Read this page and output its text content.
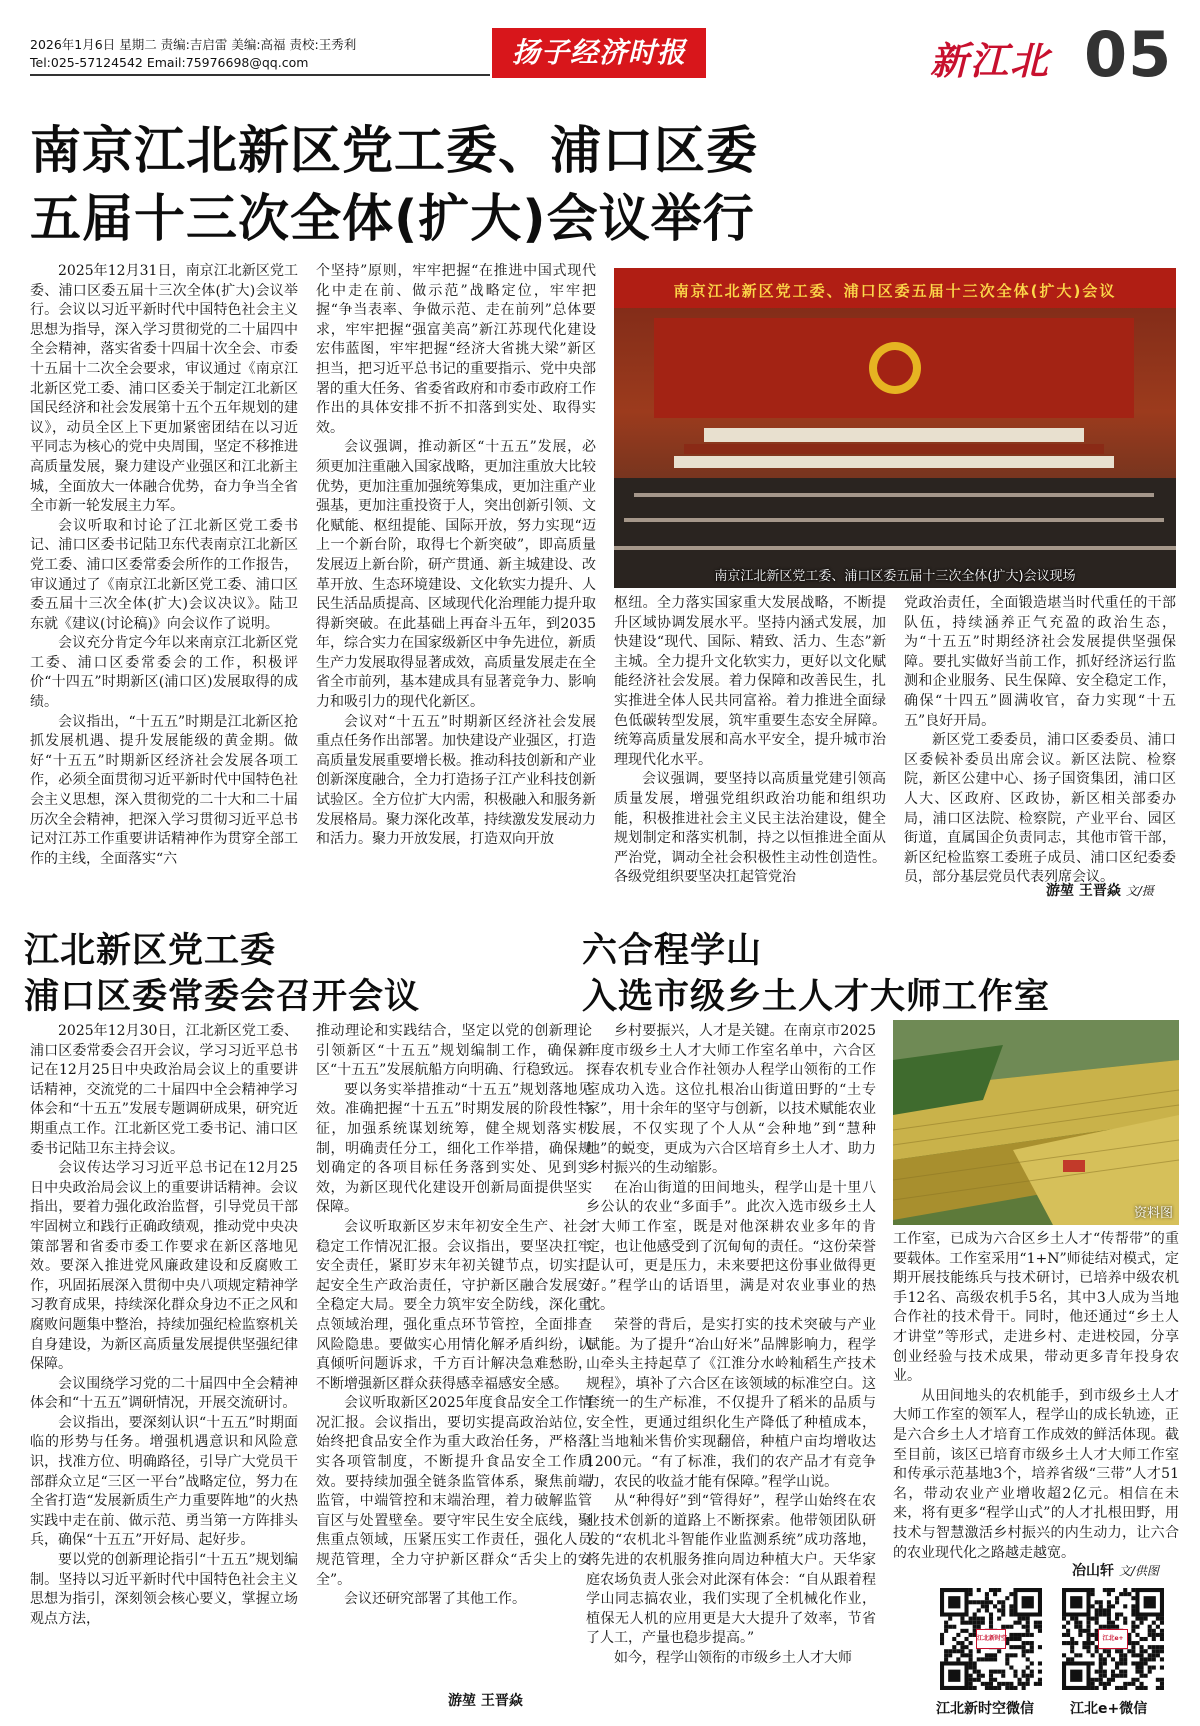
2026年1月6日 星期二 责编:吉启雷 美编:高福 责校:王秀利
Tel:025-57124542 Email:75976698@qq.com	扬子经济时报	新江北 05
南京江北新区党工委、浦口区委
五届十三次全体(扩大)会议举行

2025年12月31日，南京江北新区党工委、浦口区委五届十三次全体(扩大)会议举行。会议以习近平新时代中国特色社会主义思想为指导，深入学习贯彻党的二十届四中全会精神，落实省委十四届十次全会、市委十五届十二次全会要求，审议通过《南京江北新区党工委、浦口区委关于制定江北新区国民经济和社会发展第十五个五年规划的建议》，动员全区上下更加紧密团结在以习近平同志为核心的党中央周围，坚定不移推进高质量发展，聚力建设产业强区和江北新主城，全面放大一体融合优势，奋力争当全省全市新一轮发展主力军。

会议听取和讨论了江北新区党工委书记、浦口区委书记陆卫东代表南京江北新区党工委、浦口区委常委会所作的工作报告，审议通过了《南京江北新区党工委、浦口区委五届十三次全体(扩大)会议决议》。陆卫东就《建议(讨论稿)》向会议作了说明。

会议充分肯定今年以来南京江北新区党工委、浦口区委常委会的工作，积极评价“十四五”时期新区(浦口区)发展取得的成绩。

会议指出，“十五五”时期是江北新区抢抓发展机遇、提升发展能级的黄金期。做好“十五五”时期新区经济社会发展各项工作，必须全面贯彻习近平新时代中国特色社会主义思想，深入贯彻党的二十大和二十届历次全会精神，把深入学习贯彻习近平总书记对江苏工作重要讲话精神作为贯穿全部工作的主线，全面落实“六

个坚持”原则，牢牢把握“在推进中国式现代化中走在前、做示范”战略定位，牢牢把握“争当表率、争做示范、走在前列”总体要求，牢牢把握“强富美高”新江苏现代化建设宏伟蓝图，牢牢把握“经济大省挑大梁”新区担当，把习近平总书记的重要指示、党中央部署的重大任务、省委省政府和市委市政府工作作出的具体安排不折不扣落到实处、取得实效。

会议强调，推动新区“十五五”发展，必须更加注重融入国家战略，更加注重放大比较优势，更加注重加强统筹集成，更加注重产业强基，更加注重投资于人，突出创新引领、文化赋能、枢纽提能、国际开放，努力实现“迈上一个新台阶，取得七个新突破”，即高质量发展迈上新台阶，研产贯通、新主城建设、改革开放、生态环境建设、文化软实力提升、人民生活品质提高、区域现代化治理能力提升取得新突破。在此基础上再奋斗五年，到2035年，综合实力在国家级新区中争先进位，新质生产力发展取得显著成效，高质量发展走在全省全市前列，基本建成具有显著竞争力、影响力和吸引力的现代化新区。

会议对“十五五”时期新区经济社会发展重点任务作出部署。加快建设产业强区，打造高质量发展重要增长极。推动科技创新和产业创新深度融合，全力打造扬子江产业科技创新试验区。全方位扩大内需，积极融入和服务新发展格局。聚力深化改革，持续激发发展动力和活力。聚力开放发展，打造双向开放

南京江北新区党工委、浦口区委五届十三次全体(扩大)会议
南京江北新区党工委、浦口区委五届十三次全体(扩大)会议现场

枢纽。全力落实国家重大发展战略，不断提升区域协调发展水平。坚持内涵式发展，加快建设“现代、国际、精致、活力、生态”新主城。全力提升文化软实力，更好以文化赋能经济社会发展。着力保障和改善民生，扎实推进全体人民共同富裕。着力推进全面绿色低碳转型发展，筑牢重要生态安全屏障。统筹高质量发展和高水平安全，提升城市治理现代化水平。

会议强调，要坚持以高质量党建引领高质量发展，增强党组织政治功能和组织功能，积极推进社会主义民主法治建设，健全规划制定和落实机制，持之以恒推进全面从严治党，调动全社会积极性主动性创造性。各级党组织要坚决扛起管党治

党政治责任，全面锻造堪当时代重任的干部队伍，持续涵养正气充盈的政治生态，为“十五五”时期经济社会发展提供坚强保障。要扎实做好当前工作，抓好经济运行监测和企业服务、民生保障、安全稳定工作，确保“十四五”圆满收官，奋力实现“十五五”良好开局。

新区党工委委员，浦口区委委员、浦口区委候补委员出席会议。新区法院、检察院，新区公建中心、扬子国资集团，浦口区人大、区政府、区政协，新区相关部委办局，浦口区法院、检察院，产业平台、园区街道，直属国企负责同志，其他市管干部，新区纪检监察工委班子成员、浦口区纪委委员，部分基层党员代表列席会议。

游堃 王晋焱 文/摄
江北新区党工委
浦口区委常委会召开会议

2025年12月30日，江北新区党工委、浦口区委常委会召开会议，学习习近平总书记在12月25日中央政治局会议上的重要讲话精神，交流党的二十届四中全会精神学习体会和“十五五”发展专题调研成果，研究近期重点工作。江北新区党工委书记、浦口区委书记陆卫东主持会议。

会议传达学习习近平总书记在12月25日中央政治局会议上的重要讲话精神。会议指出，要着力强化政治监督，引导党员干部牢固树立和践行正确政绩观，推动党中央决策部署和省委市委工作要求在新区落地见效。要深入推进党风廉政建设和反腐败工作，巩固拓展深入贯彻中央八项规定精神学习教育成果，持续深化群众身边不正之风和腐败问题集中整治，持续加强纪检监察机关自身建设，为新区高质量发展提供坚强纪律保障。

会议围绕学习党的二十届四中全会精神体会和“十五五”调研情况，开展交流研讨。

会议指出，要深刻认识“十五五”时期面临的形势与任务。增强机遇意识和风险意识，找准方位、明确路径，引导广大党员干部群众立足“三区一平台”战略定位，努力在全省打造“发展新质生产力重要阵地”的火热实践中走在前、做示范、勇当第一方阵排头兵，确保“十五五”开好局、起好步。

要以党的创新理论指引“十五五”规划编制。坚持以习近平新时代中国特色社会主义思想为指引，深刻领会核心要义，掌握立场观点方法，

推动理论和实践结合，坚定以党的创新理论引领新区“十五五”规划编制工作，确保新区“十五五”发展航船方向明确、行稳致远。

要以务实举措推动“十五五”规划落地见效。准确把握“十五五”时期发展的阶段性特征，加强系统谋划统筹，健全规划落实机制，明确责任分工，细化工作举措，确保规划确定的各项目标任务落到实处、见到实效，为新区现代化建设开创新局面提供坚实保障。

会议听取新区岁末年初安全生产、社会稳定工作情况汇报。会议指出，要坚决扛牢安全责任，紧盯岁末年初关键节点，切实扛起安全生产政治责任，守护新区融合发展安全稳定大局。要全力筑牢安全防线，深化重点领域治理，强化重点环节管控，全面排查风险隐患。要做实心用情化解矛盾纠纷，认真倾听问题诉求，千方百计解决急难愁盼，不断增强新区群众获得感幸福感安全感。

会议听取新区2025年度食品安全工作情况汇报。会议指出，要切实提高政治站位，始终把食品安全作为重大政治任务，严格落实各项管制度，不断提升食品安全工作质效。要持续加强全链条监管体系，聚焦前端监管，中端管控和末端治理，着力破解监管盲区与处置壁垒。要守牢民生安全底线，聚焦重点领域，压紧压实工作责任，强化人员规范管理，全力守护新区群众“舌尖上的安全”。

会议还研究部署了其他工作。

游堃 王晋焱
六合程学山
入选市级乡土人才大师工作室

乡村要振兴，人才是关键。在南京市2025年度市级乡土人才大师工作室名单中，六合区探春农机专业合作社领办人程学山领衔的工作室成功入选。这位扎根冶山街道田野的“土专家”，用十余年的坚守与创新，以技术赋能农业发展，不仅实现了个人从“会种地”到“慧种地”的蜕变，更成为六合区培育乡土人才、助力乡村振兴的生动缩影。

在冶山街道的田间地头，程学山是十里八乡公认的农业“多面手”。此次入选市级乡土人才大师工作室，既是对他深耕农业多年的肯定，也让他感受到了沉甸甸的责任。“这份荣誉是认可，更是压力，未来要把这份事业做得更好。”程学山的话语里，满是对农业事业的热忱。

荣誉的背后，是实打实的技术突破与产业赋能。为了提升“冶山好米”品牌影响力，程学山牵头主持起草了《江淮分水岭籼稻生产技术规程》，填补了六合区在该领域的标准空白。这套统一的生产标准，不仅提升了稻米的品质与安全性，更通过组织化生产降低了种植成本，让当地籼米售价实现翻倍，种植户亩均增收达1200元。“有了标准，我们的农产品才有竞争力，农民的收益才能有保障。”程学山说。

从“种得好”到“管得好”，程学山始终在农业技术创新的道路上不断探索。他带领团队研发的“农机北斗智能作业监测系统”成功落地，将先进的农机服务推向周边种植大户。天华家庭农场负责人张会对此深有体会：“自从跟着程学山同志搞农业，我们实现了全机械化作业，植保无人机的应用更是大大提升了效率，节省了人工，产量也稳步提高。”

如今，程学山领衔的市级乡土人才大师

资料图

工作室，已成为六合区乡土人才“传帮带”的重要载体。工作室采用“1+N”师徒结对模式，定期开展技能练兵与技术研讨，已培养中级农机手12名、高级农机手5名，其中3人成为当地合作社的技术骨干。同时，他还通过“乡土人才讲堂”等形式，走进乡村、走进校园，分享创业经验与技术成果，带动更多青年投身农业。

从田间地头的农机能手，到市级乡土人才大师工作室的领军人，程学山的成长轨迹，正是六合乡土人才培育工作成效的鲜活体现。截至目前，该区已培育市级乡土人才大师工作室和传承示范基地3个，培养省级“三带”人才51名，带动农业产业增收超2亿元。相信在未来，将有更多“程学山式”的人才扎根田野，用技术与智慧激活乡村振兴的内生动力，让六合的农业现代化之路越走越宽。

冶山轩 文/供图
江北新时空
江北新时空微信
江北e+
江北e+微信
